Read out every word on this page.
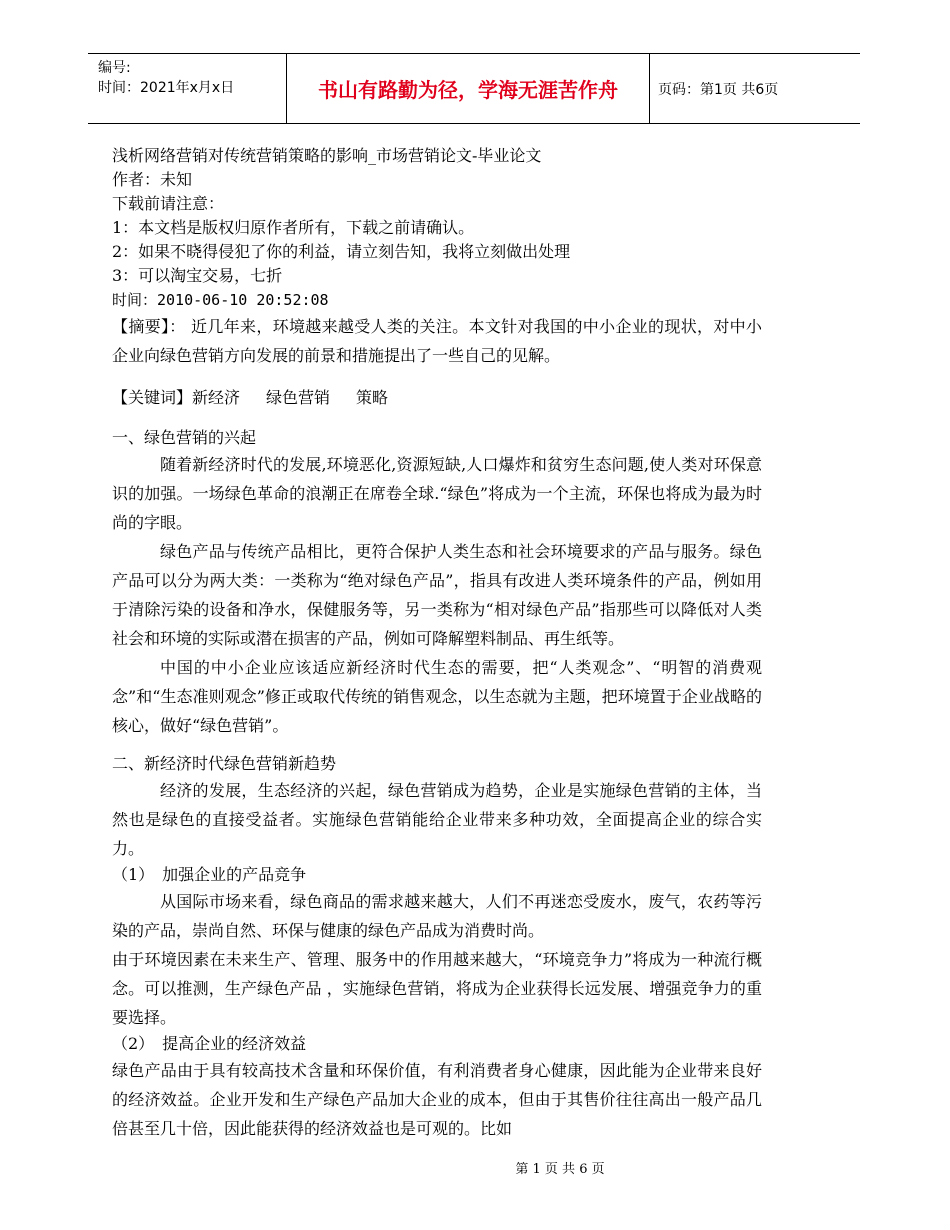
编号:
时间：2021年x月x日	书山有路勤为径，学海无涯苦作舟	页码：第1页 共6页
浅析网络营销对传统营销策略的影响_市场营销论文-毕业论文
作者：未知
下载前请注意：
1：本文档是版权归原作者所有，下载之前请确认。
2：如果不晓得侵犯了你的利益，请立刻告知，我将立刻做出处理
3：可以淘宝交易，七折
时间：2010-06-10 20:52:08
【摘要】： 近几年来，环境越来越受人类的关注。本文针对我国的中小企业的现状，对中小企业向绿色营销方向发展的前景和措施提出了一些自己的见解。
【关键词】新经济 绿色营销 策略
一、绿色营销的兴起
随着新经济时代的发展,环境恶化,资源短缺,人口爆炸和贫穷生态问题,使人类对环保意识的加强。一场绿色革命的浪潮正在席卷全球.“绿色”将成为一个主流，环保也将成为最为时尚的字眼。
绿色产品与传统产品相比，更符合保护人类生态和社会环境要求的产品与服务。绿色产品可以分为两大类：一类称为“绝对绿色产品”，指具有改进人类环境条件的产品，例如用于清除污染的设备和净水，保健服务等，另一类称为“相对绿色产品”指那些可以降低对人类社会和环境的实际或潜在损害的产品，例如可降解塑料制品、再生纸等。
中国的中小企业应该适应新经济时代生态的需要，把“人类观念”、“明智的消费观念”和“生态准则观念”修正或取代传统的销售观念，以生态就为主题，把环境置于企业战略的核心，做好“绿色营销”。
二、新经济时代绿色营销新趋势
经济的发展，生态经济的兴起，绿色营销成为趋势，企业是实施绿色营销的主体，当然也是绿色的直接受益者。实施绿色营销能给企业带来多种功效，全面提高企业的综合实力。
（1）　加强企业的产品竞争
从国际市场来看，绿色商品的需求越来越大，人们不再迷恋受废水，废气，农药等污染的产品，崇尚自然、环保与健康的绿色产品成为消费时尚。
由于环境因素在未来生产、管理、服务中的作用越来越大，“环境竞争力”将成为一种流行概念。可以推测，生产绿色产品 ，实施绿色营销，将成为企业获得长远发展、增强竞争力的重要选择。
（2）　提高企业的经济效益
绿色产品由于具有较高技术含量和环保价值，有利消费者身心健康，因此能为企业带来良好的经济效益。企业开发和生产绿色产品加大企业的成本，但由于其售价往往高出一般产品几倍甚至几十倍，因此能获得的经济效益也是可观的。比如
第 1 页 共 6 页
